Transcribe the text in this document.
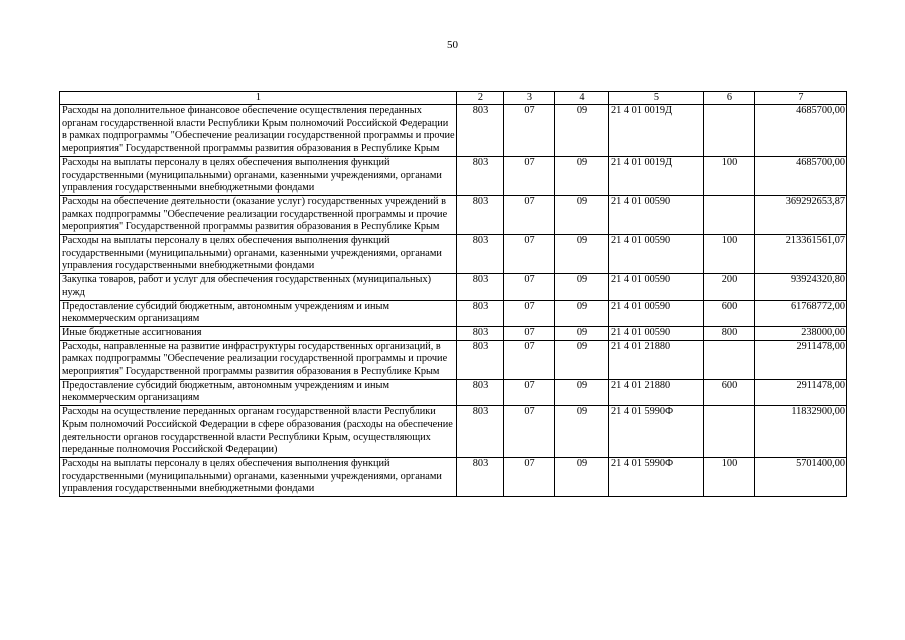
50
1	2	3	4	5	6	7
Расходы на дополнительное финансовое обеспечение осуществления переданных органам государственной власти Республики Крым полномочий Российской Федерации в рамках подпрограммы "Обеспечение реализации государственной программы и прочие мероприятия" Государственной программы развития образования в Республике Крым	803	07	09	21 4 01 0019Д		4685700,00
Расходы на выплаты персоналу в целях обеспечения выполнения функций государственными (муниципальными) органами, казенными учреждениями, органами управления государственными внебюджетными фондами	803	07	09	21 4 01 0019Д	100	4685700,00
Расходы на обеспечение деятельности (оказание услуг) государственных учреждений в рамках подпрограммы "Обеспечение реализации государственной программы и прочие мероприятия" Государственной программы развития образования в Республике Крым	803	07	09	21 4 01 00590		369292653,87
Расходы на выплаты персоналу в целях обеспечения выполнения функций государственными (муниципальными) органами, казенными учреждениями, органами управления государственными внебюджетными фондами	803	07	09	21 4 01 00590	100	213361561,07
Закупка товаров, работ и услуг для обеспечения государственных (муниципальных) нужд	803	07	09	21 4 01 00590	200	93924320,80
Предоставление субсидий бюджетным, автономным учреждениям и иным некоммерческим организациям	803	07	09	21 4 01 00590	600	61768772,00
Иные бюджетные ассигнования	803	07	09	21 4 01 00590	800	238000,00
Расходы, направленные на развитие инфраструктуры государственных организаций, в рамках подпрограммы "Обеспечение реализации государственной программы и прочие мероприятия" Государственной программы развития образования в Республике Крым	803	07	09	21 4 01 21880		2911478,00
Предоставление субсидий бюджетным, автономным учреждениям и иным некоммерческим организациям	803	07	09	21 4 01 21880	600	2911478,00
Расходы на осуществление переданных органам государственной власти Республики Крым полномочий Российской Федерации в сфере образования (расходы на обеспечение деятельности органов государственной власти Республики Крым, осуществляющих переданные полномочия Российской Федерации)	803	07	09	21 4 01 5990Ф		11832900,00
Расходы на выплаты персоналу в целях обеспечения выполнения функций государственными (муниципальными) органами, казенными учреждениями, органами управления государственными внебюджетными фондами	803	07	09	21 4 01 5990Ф	100	5701400,00
